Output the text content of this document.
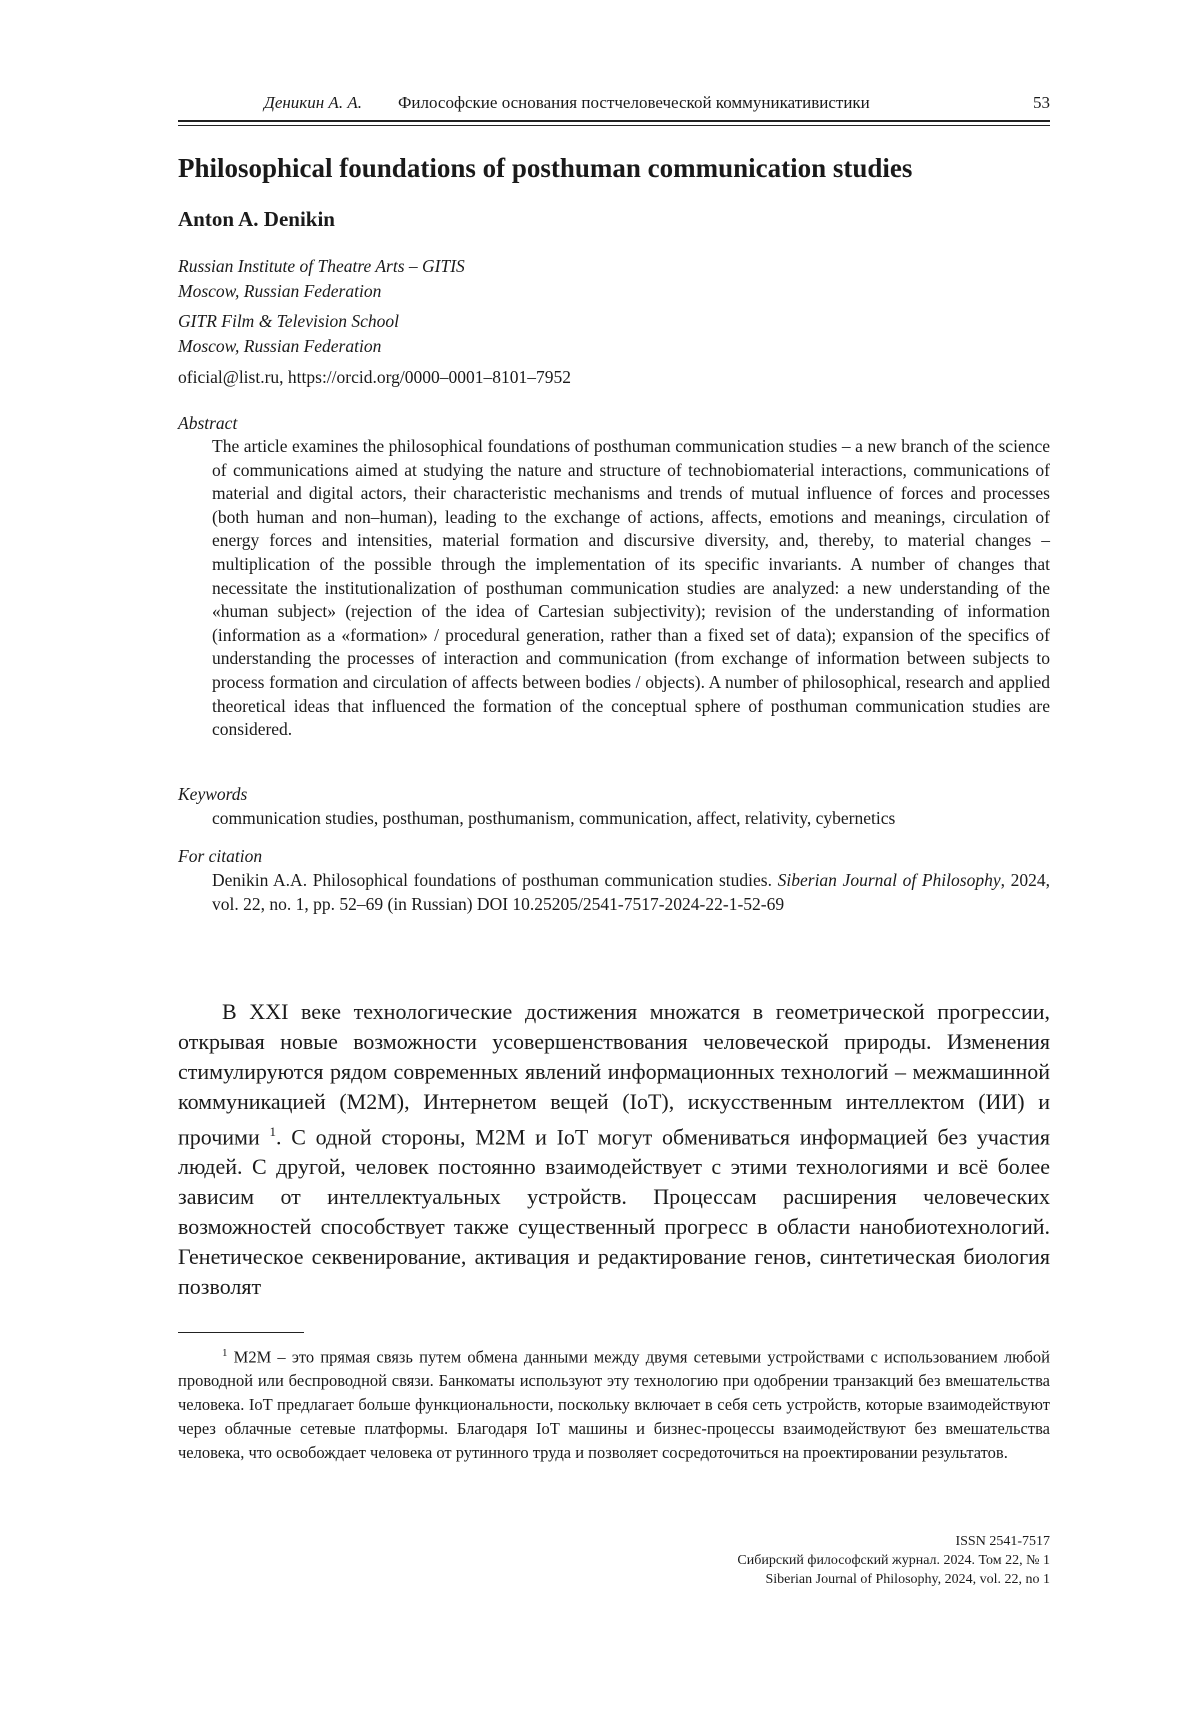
Деникин А. А. Философские основания постчеловеческой коммуникативистики	53
Philosophical foundations of posthuman communication studies
Anton A. Denikin
Russian Institute of Theatre Arts – GITIS
Moscow, Russian Federation
GITR Film & Television School
Moscow, Russian Federation
oficial@list.ru, https://orcid.org/0000–0001–8101–7952
Abstract

The article examines the philosophical foundations of posthuman communication studies – a new branch of the science of communications aimed at studying the nature and structure of technobiomaterial interactions, communications of material and digital actors, their characteristic mechanisms and trends of mutual influence of forces and processes (both human and non–human), leading to the exchange of actions, affects, emotions and meanings, circulation of energy forces and intensities, material formation and discursive diversity, and, thereby, to material changes – multiplication of the possible through the implementation of its specific invariants. A number of changes that necessitate the institutionalization of posthuman communication studies are analyzed: a new understanding of the «human subject» (rejection of the idea of Cartesian subjectivity); revision of the understanding of information (information as a «formation» / procedural generation, rather than a fixed set of data); expansion of the specifics of understanding the processes of interaction and communication (from exchange of information between subjects to process formation and circulation of affects between bodies / objects). A number of philosophical, research and applied theoretical ideas that influenced the formation of the conceptual sphere of posthuman communication studies are considered.

Keywords
communication studies, posthuman, posthumanism, communication, affect, relativity, cybernetics
For citation
Denikin A.A. Philosophical foundations of posthuman communication studies. Siberian Journal of Philosophy, 2024, vol. 22, no. 1, pp. 52–69 (in Russian) DOI 10.25205/2541-7517-2024-22-1-52-69

В XXI веке технологические достижения множатся в геометрической прогрессии, открывая новые возможности усовершенствования человеческой природы. Изменения стимулируются рядом современных явлений информационных технологий – межмашинной коммуникацией (М2М), Интернетом вещей (IoT), искусственным интеллектом (ИИ) и прочими $^1$. С одной стороны, М2М и IoT могут обмениваться информацией без участия людей. С другой, человек постоянно взаимодействует с этими технологиями и всё более зависим от интеллектуальных устройств. Процессам расширения человеческих возможностей способствует также существенный прогресс в области нанобиотехнологий. Генетическое секвенирование, активация и редактирование генов, синтетическая биология позволят

$^1$ М2М – это прямая связь путем обмена данными между двумя сетевыми устройствами с использованием любой проводной или беспроводной связи. Банкоматы используют эту технологию при одобрении транзакций без вмешательства человека. IoT предлагает больше функциональности, поскольку включает в себя сеть устройств, которые взаимодействуют через облачные сетевые платформы. Благодаря IoT машины и бизнес-процессы взаимодействуют без вмешательства человека, что освобождает человека от рутинного труда и позволяет сосредоточиться на проектировании результатов.

ISSN 2541-7517
Сибирский философский журнал. 2024. Том 22, № 1
Siberian Journal of Philosophy, 2024, vol. 22, no 1
